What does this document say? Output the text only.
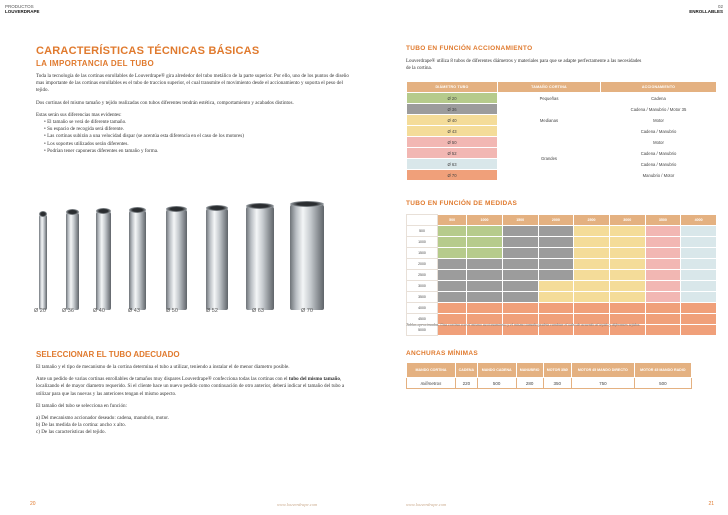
PRODUCTOS
LOUVERDRAPE
02
ENROLLABLES
CARACTERÍSTICAS TÉCNICAS BÁSICAS
LA IMPORTANCIA DEL TUBO

Toda la tecnología de las cortinas enrollables de Louverdrape® gira alrededor del tubo metálico de la parte superior. Por ello, uno de los puntos de diseño mas importante de las cortinas enrollables es el tubo de traccion superior, el cual transmite el movimiento desde el accionamiento y soporta el peso del tejido.

Dos cortinas del mismo tamaño y tejido realizadas con tubos diferentes tendrán estética, comportamiento y acabados distintos.

Estas serán sus diferencias mas evidentes:
• El tamaño se verá de diferente tamaño.
• Su espacio de recogida será diferente.
• Las cortinas subirán a una velocidad dispar (se acentúa esta diferencia en el caso de los motores)
• Los soportes utilizados serán diferentes.
• Podrían tener caponeras diferentes en tamaño y forma.
Ø 20	Ø 36	Ø 40	Ø 43	Ø 50	Ø 52	Ø 63	Ø 70
SELECCIONAR EL TUBO ADECUADO

El tamaño y el tipo de mecanismo de la cortina determina el tubo a utilizar, teniendo a instalar el de menor diametro posible.

Ante un pedido de varias cortinas enrollables de tamaños muy dispares Louverdrape® confecciona todas las cortinas con el tubo del mismo tamaño, localizando el de mayor diametro requerido. Si el cliente hace un nuevo pedido como continuación de otro anterior, deberá indicar el tamaño del tubo a utilizar para que las nuevas y las anteriores tengan el mismo aspecto.

El tamaño del tubo se selecciona en función:

a) Del mecanismo accionador deseado: cadena, manubrio, motor.
b) De las medida de la cortina: ancho x alto.
c) De las características del tejido.
20	www.louverdrape.com
TUBO EN FUNCIÓN ACCIONAMIENTO
Louverdrape® utiliza 8 tubos de diferentes diámetros y materiales para que se adapte perfectamente a las necesidades de la cortina.
DIÁMETRO TUBO	TAMAÑO CORTINA	ACCIONAMIENTO
Ø 20	Pequeñas	Cadena
Ø 36	Medianas	Cadena / Manubrio / Motor 35
Ø 40		Motor
Ø 43		Cadena / Manubrio
Ø 50	Grandes	Motor
Ø 52		Cadena / Manubrio
Ø 63		Cadena / Manubrio
Ø 70		Manubrio / Motor
TUBO EN FUNCIÓN DE MEDIDAS
	500	1000	1500	2000	2500	3000	3500	4000
500								
1000								
1500								
2000								
2500								
3000								
3500								
4000								
4500								
5000								
Tablas aproximadas. Una cortina con el mismo accionamiento y el mismo tamaño podría cambiar el tubo de acuerdo al tejido y diferentes tejidos.
ANCHURAS MÍNIMAS
MANDO CORTINA	CADENA	MANDO CADENA	MANUBRIO	MOTOR 35Ø	MOTOR 45 MANDO DIRECTO	MOTOR 45 MANDO RADIO
milímetros	220	500	280	350	750	500
www.louverdrape.com	21
